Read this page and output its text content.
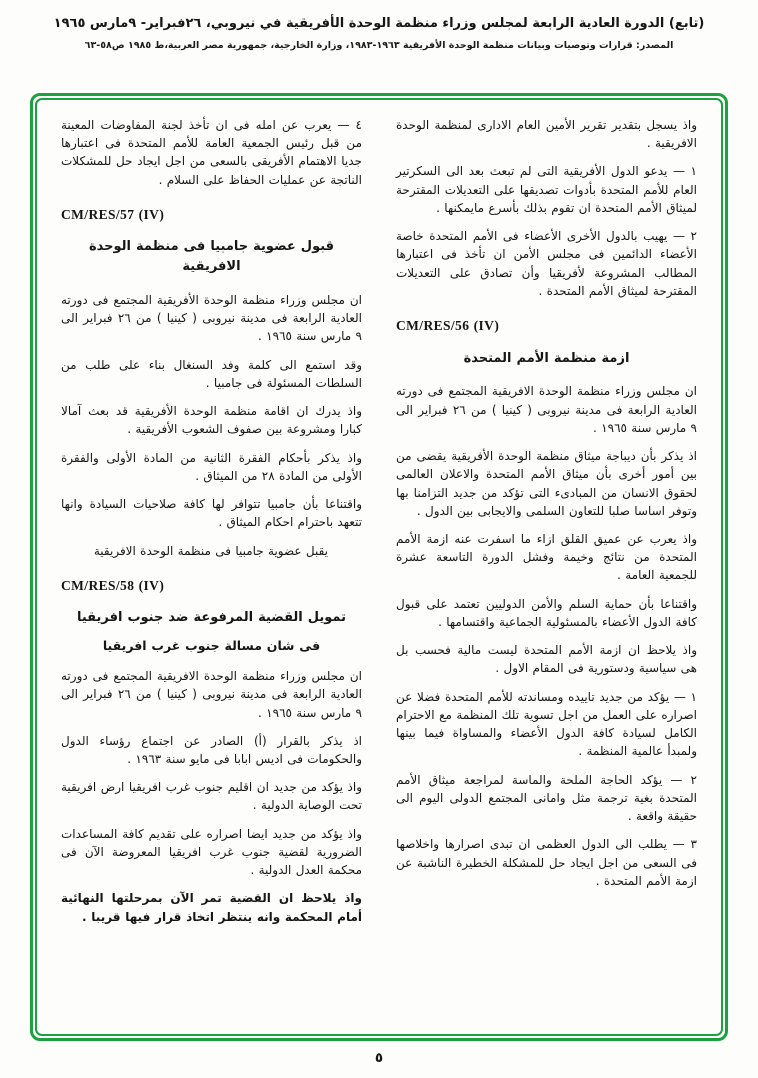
(تابع) الدورة العادية الرابعة لمجلس وزراء منظمة الوحدة الأفريقية في نيروبي، ٢٦فبراير- ٩مارس ١٩٦٥
المصدر: قرارات وتوصيات وبيانات منظمة الوحدة الأفريقية ١٩٦٣-١٩٨٣، وزارة الخارجية، جمهورية مصر العربية،ط ١٩٨٥ ص٥٨-٦٣
واذ يسجل بتقدير تقرير الأمين العام الادارى لمنظمة الوحدة الافريقية .
١ — يدعو الدول الأفريقية التى لم تبعث بعد الى السكرتير العام للأمم المتحدة بأدوات تصديقها على التعديلات المقترحة لميثاق الأمم المتحدة ان تقوم بذلك بأسرع مايمكنها .
٢ — يهيب بالدول الأخرى الأعضاء فى الأمم المتحدة خاصة الأعضاء الدائمين فى مجلس الأمن ان تأخذ فى اعتبارها المطالب المشروعة لأفريقيا وأن تصادق على التعديلات المقترحة لميثاق الأمم المتحدة .
CM/RES/56 (IV)
ازمة منظمة الأمم المتحدة
ان مجلس وزراء منظمة الوحدة الافريقية المجتمع فى دورته العادية الرابعة فى مدينة نيروبى ( كينيا ) من ٢٦ فبراير الى ٩ مارس سنة ١٩٦٥ .
اذ يذكر بأن ديباجة ميثاق منظمة الوحدة الأفريقية يقضى من بين أمور أخرى بأن ميثاق الأمم المتحدة والاعلان العالمى لحقوق الانسان من المبادىء التى تؤكد من جديد التزامنا بها وتوفر اساسا صلبا للتعاون السلمى والايجابى بين الدول .
واذ يعرب عن عميق القلق ازاء ما اسفرت عنه ازمة الأمم المتحدة من نتائج وخيمة وفشل الدورة التاسعة عشرة للجمعية العامة .
واقتناعا بأن حماية السلم والأمن الدوليين تعتمد على قبول كافة الدول الأعضاء بالمسئولية الجماعية واقتسامها .
واذ يلاحظ ان ازمة الأمم المتحدة ليست مالية فحسب بل هى سياسية ودستورية فى المقام الاول .
١ — يؤكد من جديد تاييده ومساندته للأمم المتحدة فضلا عن اصراره على العمل من اجل تسوية تلك المنظمة مع الاحترام الكامل لسيادة كافة الدول الأعضاء والمساواة فيما بينها ولمبدأ عالمية المنظمة .
٢ — يؤكد الحاجة الملحة والماسة لمراجعة ميثاق الأمم المتحدة بغية ترجمة مثل وامانى المجتمع الدولى اليوم الى حقيقة واقعة .
٣ — يطلب الى الدول العظمى ان تبدى اصرارها واخلاصها فى السعى من اجل ايجاد حل للمشكلة الخطيرة الناشبة عن ازمة الأمم المتحدة .
٤ — يعرب عن امله فى ان تأخذ لجنة المفاوضات المعينة من قبل رئيس الجمعية العامة للأمم المتحدة فى اعتبارها جديا الاهتمام الأفريقى بالسعى من اجل ايجاد حل للمشكلات الناتجة عن عمليات الحفاظ على السلام .
CM/RES/57 (IV)
قبول عضوية جامبيا فى منظمة الوحدة الافريقية
ان مجلس وزراء منظمة الوحدة الأفريقية المجتمع فى دورته العادية الرابعة فى مدينة نيروبى ( كينيا ) من ٢٦ فبراير الى ٩ مارس سنة ١٩٦٥ .
وقد استمع الى كلمة وفد السنغال بناء على طلب من السلطات المسئولة فى جامبيا .
واذ يدرك ان اقامة منظمة الوحدة الأفريقية قد بعث آمالا كبارا ومشروعة بين صفوف الشعوب الأفريقية .
واذ يذكر بأحكام الفقرة الثانية من المادة الأولى والفقرة الأولى من المادة ٢٨ من الميثاق .
واقتناعا بأن جامبيا تتوافر لها كافة صلاحيات السيادة وانها تتعهد باحترام احكام الميثاق .
يقبل عضوية جامبيا فى منظمة الوحدة الافريقية
CM/RES/58 (IV)
تمويل القضية المرفوعة ضد جنوب افريقيا
فى شان مسالة جنوب غرب افريقيا
ان مجلس وزراء منظمة الوحدة الافريقية المجتمع فى دورته العادية الرابعة فى مدينة نيروبى ( كينيا ) من ٢٦ فبراير الى ٩ مارس سنة ١٩٦٥ .
اذ يذكر بالقرار (أ) الصادر عن اجتماع رؤساء الدول والحكومات فى اديس ابابا فى مايو سنة ١٩٦٣ .
واذ يؤكد من جديد ان اقليم جنوب غرب افريقيا ارض افريقية تحت الوصاية الدولية .
واذ يؤكد من جديد ايضا اصراره على تقديم كافة المساعدات الضرورية لقضية جنوب غرب افريقيا المعروضة الآن فى محكمة العدل الدولية .
واذ يلاحظ ان القضية تمر الآن بمرحلتها النهائية أمام المحكمة وانه ينتظر اتخاذ قرار فيها قريبا .
٥
